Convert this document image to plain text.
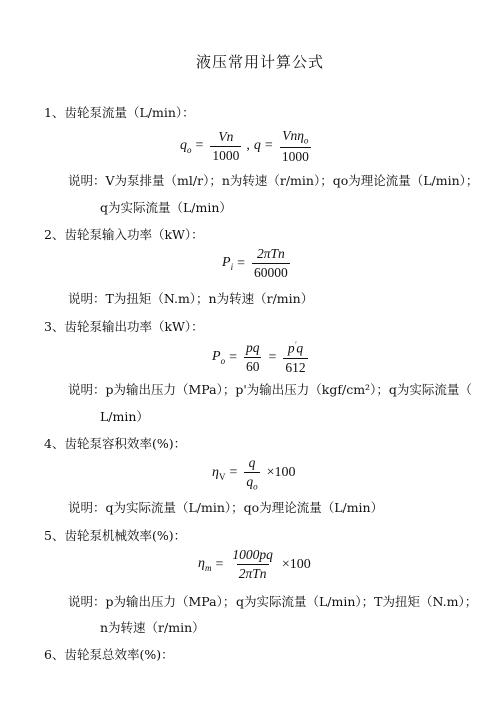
液压常用计算公式
1、齿轮泵流量（L/min）：
$q_o = \frac{Vn}{1000}$ , $q = \frac{Vn\eta_o}{1000}$
说明：V为泵排量（ml/r）；n为转速（r/min）；qo为理论流量（L/min）；
q为实际流量（L/min）
2、齿轮泵输入功率（kW）：
$P_i = \frac{\text{2πTn}}{60000}$
说明：T为扭矩（N.m）；n为转速（r/min）
3、齿轮泵输出功率（kW）：
$P_o = \frac{pq}{60} = \frac{p'q}{612}$
说明：p为输出压力（MPa）；p'为输出压力（kgf/cm²）；q为实际流量（
L/min）
4、齿轮泵容积效率(%)：
$\eta_V = \frac{q}{q_o} \times 100$
说明：q为实际流量（L/min）；qo为理论流量（L/min）
5、齿轮泵机械效率(%)：
$\eta_m = \frac{1000pq}{\text{2πTn}} \times 100$
说明：p为输出压力（MPa）； q为实际流量（L/min）；T为扭矩（N.m）；
n为转速（r/min）
6、齿轮泵总效率(%)：
